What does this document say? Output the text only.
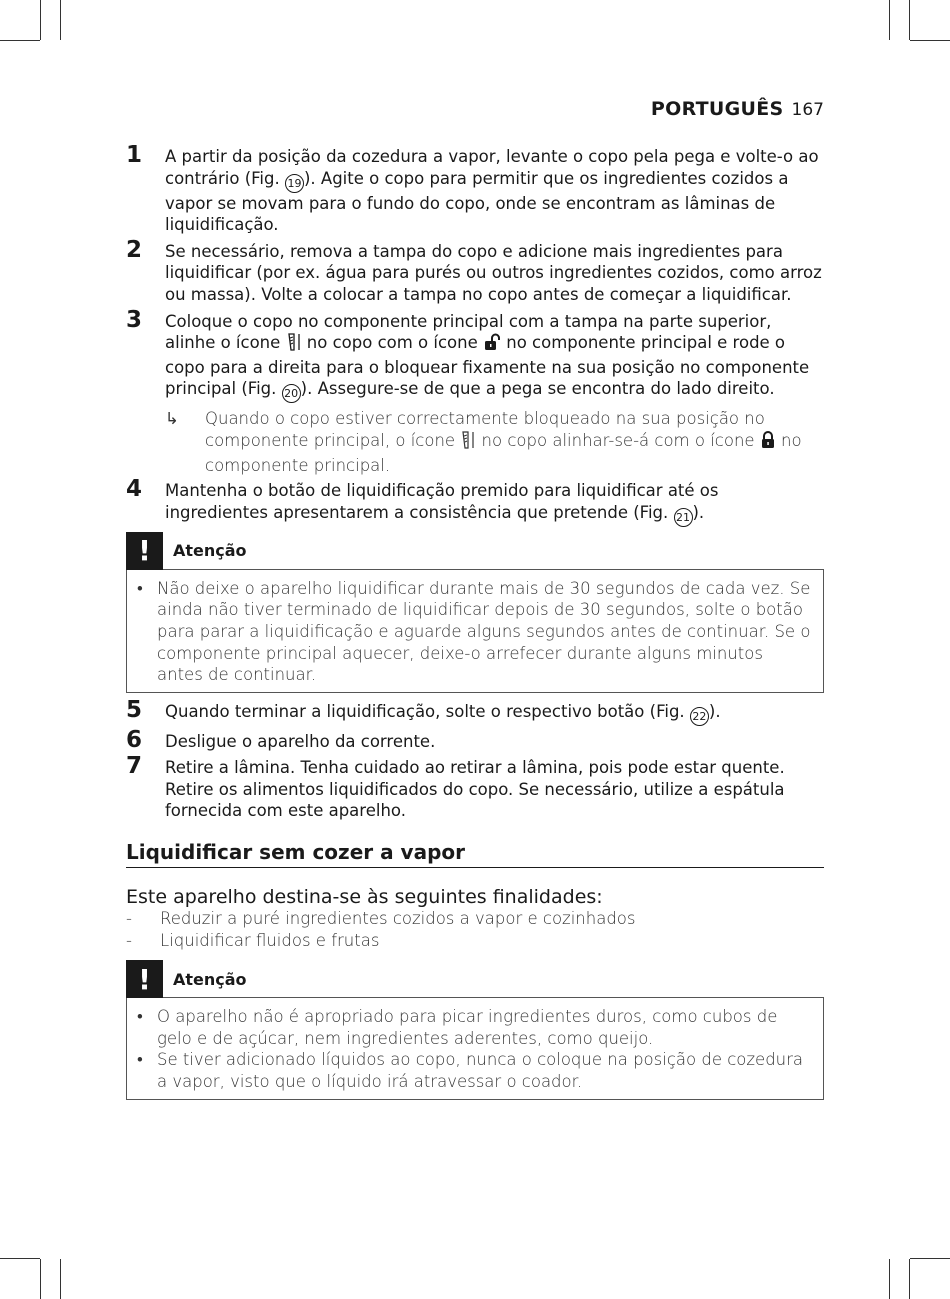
PORTUGUÊS 167
1	A partir da posição da cozedura a vapor, levante o copo pela pega e volte-o ao contrário (Fig. 19 ). Agite o copo para permitir que os ingredientes cozidos a vapor se movam para o fundo do copo, onde se encontram as lâminas de liquidificação.

2	Se necessário, remova a tampa do copo e adicione mais ingredientes para liquidificar (por ex. água para purés ou outros ingredientes cozidos, como arroz ou massa). Volte a colocar a tampa no copo antes de começar a liquidificar.

3	Coloque o copo no componente principal com a tampa na parte superior, alinhe o ícone  no copo com o ícone  no componente principal e rode o copo para a direita para o bloquear fixamente na sua posição no componente principal (Fig. 20 ). Assegure-se de que a pega se encontra do lado direito.

↳	Quando o copo estiver correctamente bloqueado na sua posição no componente principal, o ícone  no copo alinhar-se-á com o ícone  no componente principal.
4	Mantenha o botão de liquidificação premido para liquidificar até os ingredientes apresentarem a consistência que pretende (Fig. 21 ).

!	Atenção
• Não deixe o aparelho liquidificar durante mais de 30 segundos de cada vez. Se ainda não tiver terminado de liquidificar depois de 30 segundos, solte o botão para parar a liquidificação e aguarde alguns segundos antes de continuar. Se o componente principal aquecer, deixe-o arrefecer durante alguns minutos antes de continuar.
5	Quando terminar a liquidificação, solte o respectivo botão (Fig. 22 ).

6	Desligue o aparelho da corrente.

7	Retire a lâmina. Tenha cuidado ao retirar a lâmina, pois pode estar quente. Retire os alimentos liquidificados do copo. Se necessário, utilize a espátula fornecida com este aparelho.

Liquidificar sem cozer a vapor
Este aparelho destina-se às seguintes finalidades:
-	Reduzir a puré ingredientes cozidos a vapor e cozinhados
-	Liquidificar fluidos e frutas
!	Atenção
• O aparelho não é apropriado para picar ingredientes duros, como cubos de gelo e de açúcar, nem ingredientes aderentes, como queijo.
• Se tiver adicionado líquidos ao copo, nunca o coloque na posição de cozedura a vapor, visto que o líquido irá atravessar o coador.
